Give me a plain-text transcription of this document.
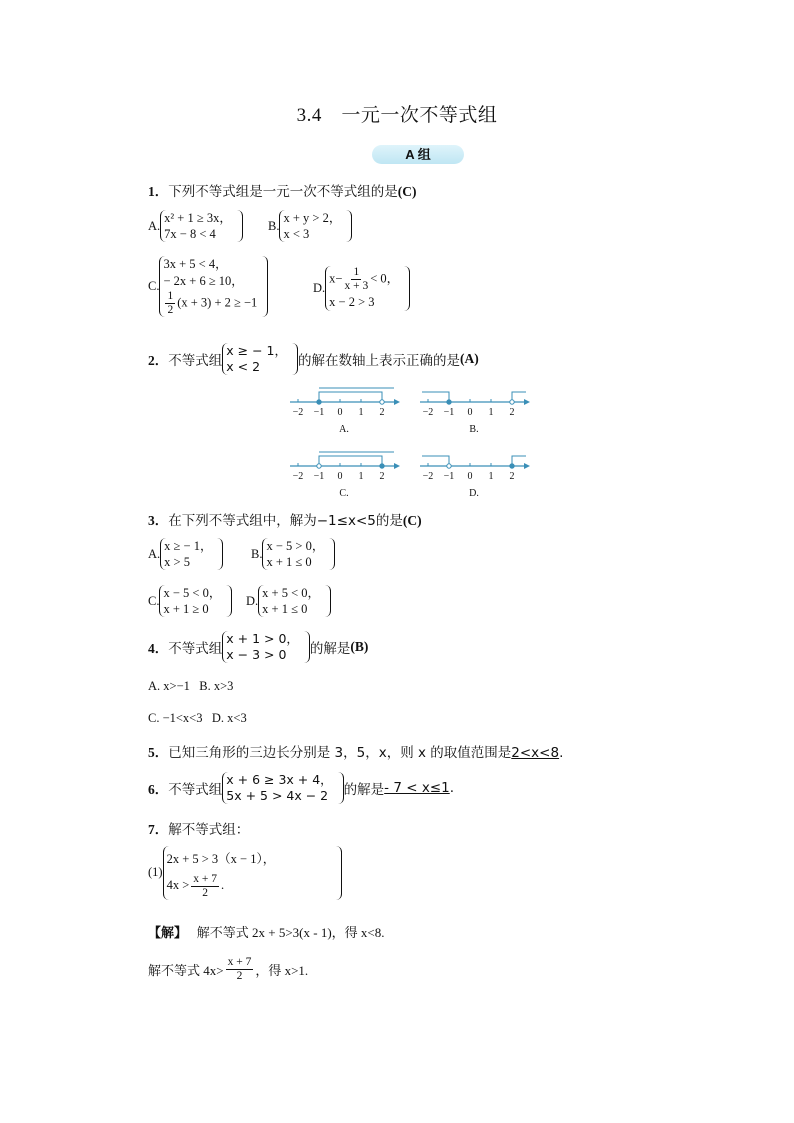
3.4　一元一次不等式组
A 组
1．下列不等式组是一元一次不等式组的是(C)
A.
x² + 1 ≥ 3x，
7x − 8 < 4
B.
x + y > 2，
x < 3
C.
3x + 5 < 4，
− 2x + 6 ≥ 10，
$\frac{1}{2} (x + 3) + 2 \ge -1$
D.
$x- \frac{1}{x + 3} < 0$，
x − 2 > 3
2． 不等式组
x ≥ − 1，
x < 2	的解在数轴上表示正确的是 (A)
−2 −1 0 1 2
A.
−2 −1 0 1 2
B.
−2 −1 0 1 2
C.
−2 −1 0 1 2
D.
3．在下列不等式组中，解为−1≤x<5的是(C)
A.
x ≥ − 1，
x > 5
B.
x − 5 > 0，
x + 1 ≤ 0
C.
x − 5 < 0，
x + 1 ≥ 0
D.
x + 5 < 0，
x + 1 ≤ 0
4． 不等式组
x + 1 > 0，
x − 3 > 0	的解是 (B)
A. x>−1 B. x>3
C. −1<x<3 D. x<3
5．已知三角形的三边长分别是 3，5，x，则 x 的取值范围是2<x<8.
6． 不等式组
x + 6 ≥ 3x + 4，
5x + 5 > 4x − 2	的解是 - 7 < x≤1 .
7．解不等式组：
(1)
2x + 5 > 3（x − 1），
$4x > \frac{x + 7}{2}$ .
【解】 解不等式 2x + 5>3(x - 1)，得 x<8.
解不等式 $4x> \frac{x + 7}{2}$ ，得 x>1.
